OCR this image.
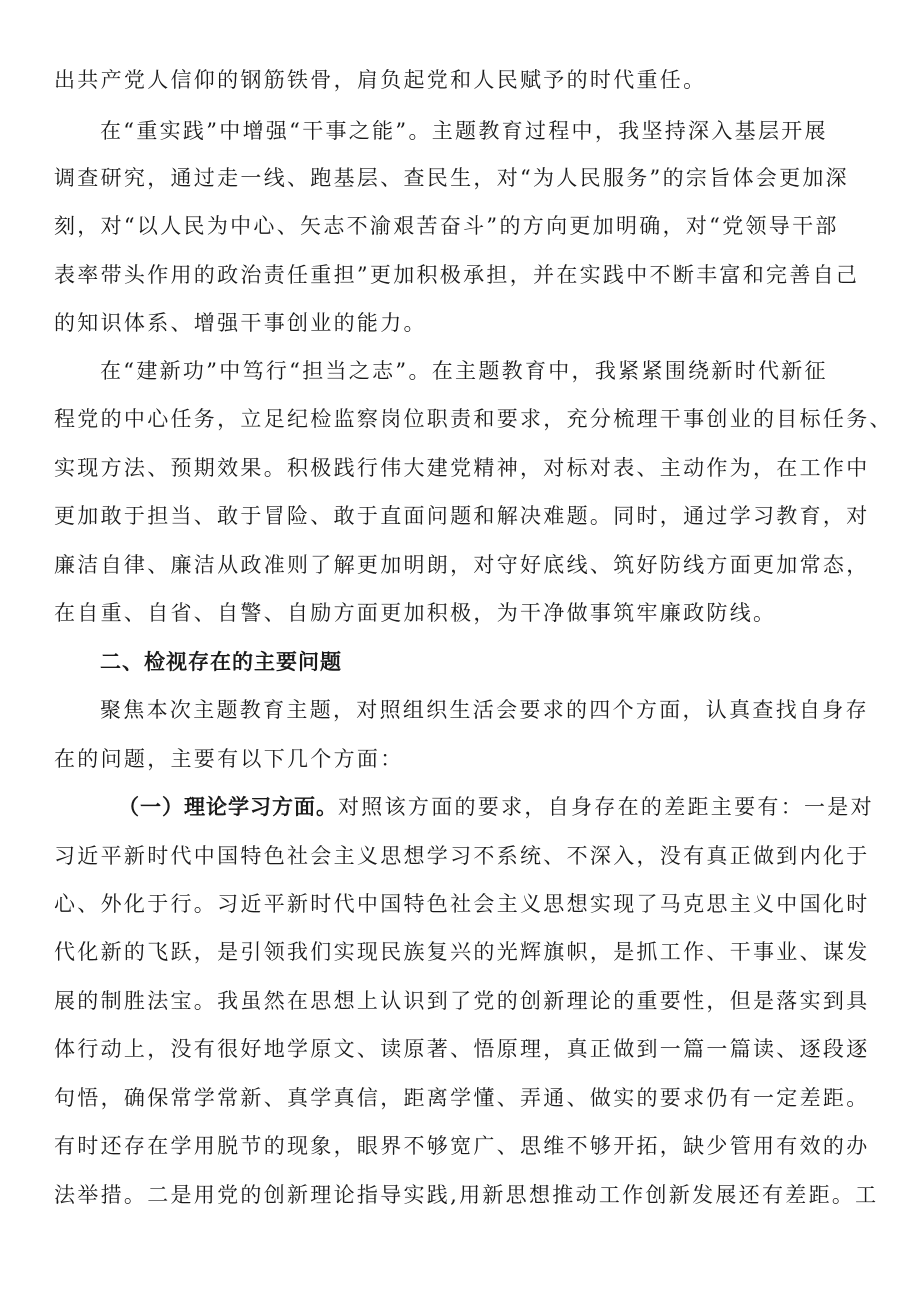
出共产党人信仰的钢筋铁骨，肩负起党和人民赋予的时代重任。
在“重实践”中增强“干事之能”。主题教育过程中，我坚持深入基层开展
调查研究，通过走一线、跑基层、查民生，对“为人民服务”的宗旨体会更加深
刻，对“以人民为中心、矢志不渝艰苦奋斗”的方向更加明确，对“党领导干部
表率带头作用的政治责任重担”更加积极承担，并在实践中不断丰富和完善自己
的知识体系、增强干事创业的能力。
在“建新功”中笃行“担当之志”。在主题教育中，我紧紧围绕新时代新征
程党的中心任务，立足纪检监察岗位职责和要求，充分梳理干事创业的目标任务、
实现方法、预期效果。积极践行伟大建党精神，对标对表、主动作为，在工作中
更加敢于担当、敢于冒险、敢于直面问题和解决难题。同时，通过学习教育，对
廉洁自律、廉洁从政准则了解更加明朗，对守好底线、筑好防线方面更加常态，
在自重、自省、自警、自励方面更加积极，为干净做事筑牢廉政防线。
二、检视存在的主要问题
聚焦本次主题教育主题，对照组织生活会要求的四个方面，认真查找自身存
在的问题，主要有以下几个方面：
（一）理论学习方面。对照该方面的要求，自身存在的差距主要有：一是对
习近平新时代中国特色社会主义思想学习不系统、不深入，没有真正做到内化于
心、外化于行。习近平新时代中国特色社会主义思想实现了马克思主义中国化时
代化新的飞跃，是引领我们实现民族复兴的光辉旗帜，是抓工作、干事业、谋发
展的制胜法宝。我虽然在思想上认识到了党的创新理论的重要性，但是落实到具
体行动上，没有很好地学原文、读原著、悟原理，真正做到一篇一篇读、逐段逐
句悟，确保常学常新、真学真信，距离学懂、弄通、做实的要求仍有一定差距。
有时还存在学用脱节的现象，眼界不够宽广、思维不够开拓，缺少管用有效的办
法举措。二是用党的创新理论指导实践,用新思想推动工作创新发展还有差距。工
